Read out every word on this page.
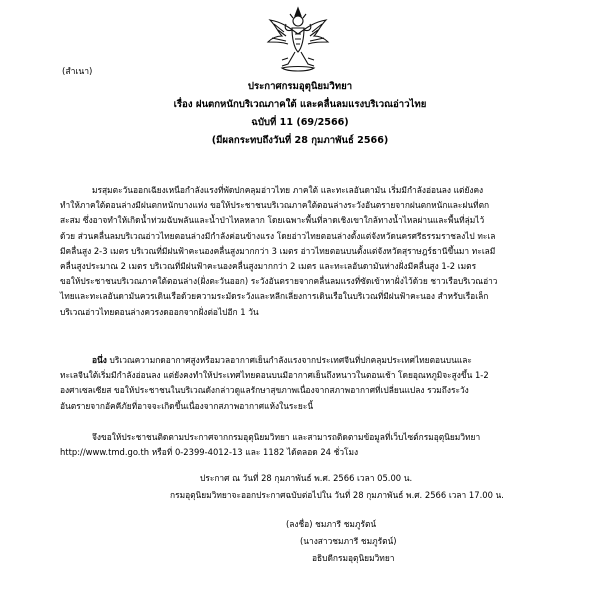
(สำเนา)
ประกาศกรมอุตุนิยมวิทยา
เรื่อง ฝนตกหนักบริเวณภาคใต้ และคลื่นลมแรงบริเวณอ่าวไทย
ฉบับที่ 11 (69/2566)
(มีผลกระทบถึงวันที่ 28 กุมภาพันธ์ 2566)
มรสุมตะวันออกเฉียงเหนือกำลังแรงที่พัดปกคลุมอ่าวไทย ภาคใต้ และทะเลอันดามัน เริ่มมีกำลังอ่อนลง แต่ยังคง
ทำให้ภาคใต้ตอนล่างมีฝนตกหนักบางแห่ง ขอให้ประชาชนบริเวณภาคใต้ตอนล่างระวังอันตรายจากฝนตกหนักและฝนที่ตก
สะสม ซึ่งอาจทำให้เกิดน้ำท่วมฉับพลันและน้ำป่าไหลหลาก โดยเฉพาะพื้นที่ลาดเชิงเขาใกล้ทางน้ำไหลผ่านและพื้นที่ลุ่มไว้
ด้วย ส่วนคลื่นลมบริเวณอ่าวไทยตอนล่างมีกำลังค่อนข้างแรง โดยอ่าวไทยตอนล่างตั้งแต่จังหวัดนครศรีธรรมราชลงไป ทะเล
มีคลื่นสูง 2-3 เมตร บริเวณที่มีฝนฟ้าคะนองคลื่นสูงมากกว่า 3 เมตร อ่าวไทยตอนบนตั้งแต่จังหวัดสุราษฎร์ธานีขึ้นมา ทะเลมี
คลื่นสูงประมาณ 2 เมตร บริเวณที่มีฝนฟ้าคะนองคลื่นสูงมากกว่า 2 เมตร และทะเลอันดามันห่างฝั่งมีคลื่นสูง 1-2 เมตร
ขอให้ประชาชนบริเวณภาคใต้ตอนล่าง(ฝั่งตะวันออก) ระวังอันตรายจากคลื่นลมแรงที่ซัดเข้าหาฝั่งไว้ด้วย ชาวเรือบริเวณอ่าว
ไทยและทะเลอันดามันควรเดินเรือด้วยความระมัดระวังและหลีกเลี่ยงการเดินเรือในบริเวณที่มีฝนฟ้าคะนอง สำหรับเรือเล็ก
บริเวณอ่าวไทยตอนล่างควรงดออกจากฝั่งต่อไปอีก 1 วัน
อนึ่ง บริเวณความกดอากาศสูงหรือมวลอากาศเย็นกำลังแรงจากประเทศจีนที่ปกคลุมประเทศไทยตอนบนและ
ทะเลจีนใต้เริ่มมีกำลังอ่อนลง แต่ยังคงทำให้ประเทศไทยตอนบนมีอากาศเย็นถึงหนาวในตอนเช้า โดยอุณหภูมิจะสูงขึ้น 1-2
องศาเซลเซียส ขอให้ประชาชนในบริเวณดังกล่าวดูแลรักษาสุขภาพเนื่องจากสภาพอากาศที่เปลี่ยนแปลง รวมถึงระวัง
อันตรายจากอัคคีภัยที่อาจจะเกิดขึ้นเนื่องจากสภาพอากาศแห้งในระยะนี้
จึงขอให้ประชาชนติดตามประกาศจากกรมอุตุนิยมวิทยา และสามารถติดตามข้อมูลที่เว็บไซต์กรมอุตุนิยมวิทยา
http://www.tmd.go.th หรือที่ 0-2399-4012-13 และ 1182 ได้ตลอด 24 ชั่วโมง
ประกาศ ณ วันที่ 28 กุมภาพันธ์ พ.ศ. 2566 เวลา 05.00 น.
กรมอุตุนิยมวิทยาจะออกประกาศฉบับต่อไปใน วันที่ 28 กุมภาพันธ์ พ.ศ. 2566 เวลา 17.00 น.
(ลงชื่อ) ชมภารี ชมภูรัตน์
(นางสาวชมภารี ชมภูรัตน์)
อธิบดีกรมอุตุนิยมวิทยา
